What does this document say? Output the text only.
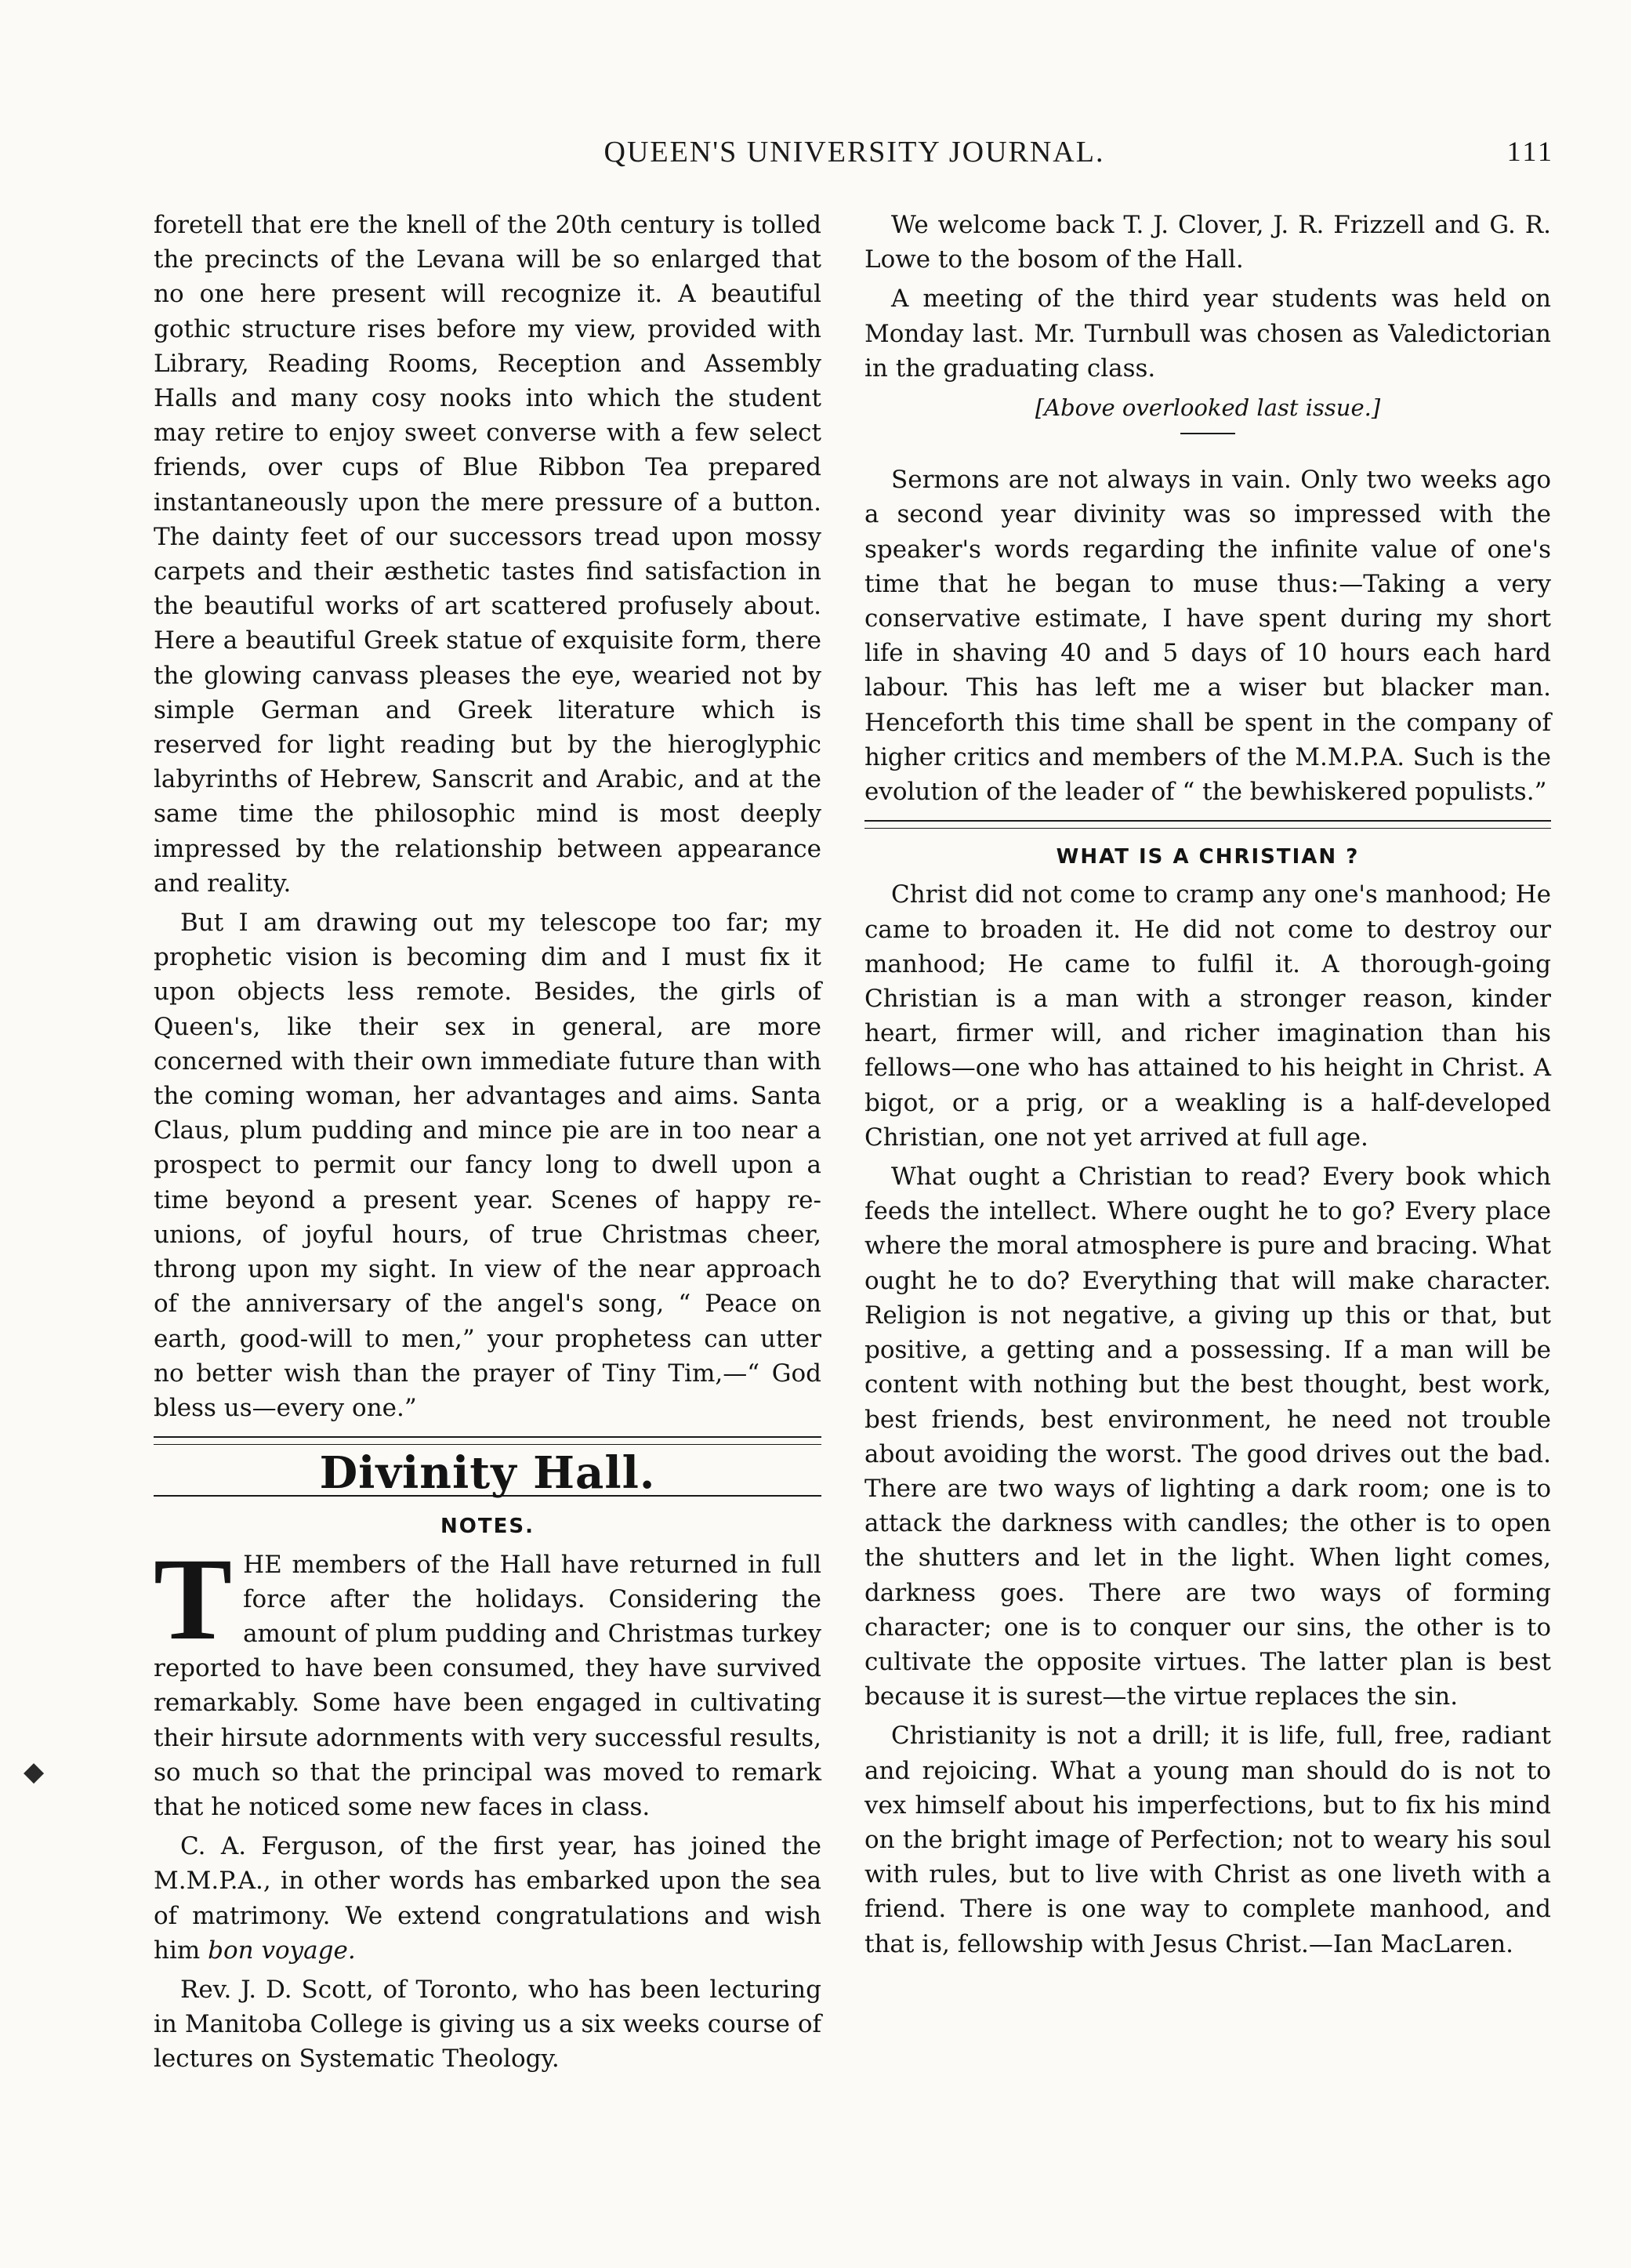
QUEEN'S UNIVERSITY JOURNAL.	111

foretell that ere the knell of the 20th century is tolled the precincts of the Levana will be so enlarged that no one here present will recognize it. A beautiful gothic structure rises before my view, provided with Library, Reading Rooms, Reception and Assembly Halls and many cosy nooks into which the student may retire to enjoy sweet converse with a few select friends, over cups of Blue Ribbon Tea prepared instantaneously upon the mere pressure of a button. The dainty feet of our successors tread upon mossy carpets and their æsthetic tastes find satisfaction in the beautiful works of art scattered profusely about. Here a beautiful Greek statue of exquisite form, there the glowing canvass pleases the eye, wearied not by simple German and Greek literature which is reserved for light reading but by the hieroglyphic labyrinths of Hebrew, Sanscrit and Arabic, and at the same time the philosophic mind is most deeply impressed by the relationship between appearance and reality.

But I am drawing out my telescope too far; my prophetic vision is becoming dim and I must fix it upon objects less remote. Besides, the girls of Queen's, like their sex in general, are more concerned with their own immediate future than with the coming woman, her advantages and aims. Santa Claus, plum pudding and mince pie are in too near a prospect to permit our fancy long to dwell upon a time beyond a present year. Scenes of happy re-unions, of joyful hours, of true Christmas cheer, throng upon my sight. In view of the near approach of the anniversary of the angel's song, “ Peace on earth, good-will to men,” your prophetess can utter no better wish than the prayer of Tiny Tim,—“ God bless us—every one.”

Divinity Hall.
NOTES.

THE members of the Hall have returned in full force after the holidays. Considering the amount of plum pudding and Christmas turkey reported to have been consumed, they have survived remarkably. Some have been engaged in cultivating their hirsute adornments with very successful results, so much so that the principal was moved to remark that he noticed some new faces in class.

C. A. Ferguson, of the first year, has joined the M.M.P.A., in other words has embarked upon the sea of matrimony. We extend congratulations and wish him bon voyage.

Rev. J. D. Scott, of Toronto, who has been lecturing in Manitoba College is giving us a six weeks course of lectures on Systematic Theology.

We welcome back T. J. Clover, J. R. Frizzell and G. R. Lowe to the bosom of the Hall.

A meeting of the third year students was held on Monday last. Mr. Turnbull was chosen as Valedictorian in the graduating class.

[Above overlooked last issue.]

Sermons are not always in vain. Only two weeks ago a second year divinity was so impressed with the speaker's words regarding the infinite value of one's time that he began to muse thus:—Taking a very conservative estimate, I have spent during my short life in shaving 40 and 5 days of 10 hours each hard labour. This has left me a wiser but blacker man. Henceforth this time shall be spent in the company of higher critics and members of the M.M.P.A. Such is the evolution of the leader of “ the bewhiskered populists.”

WHAT IS A CHRISTIAN ?

Christ did not come to cramp any one's manhood; He came to broaden it. He did not come to destroy our manhood; He came to fulfil it. A thorough-going Christian is a man with a stronger reason, kinder heart, firmer will, and richer imagination than his fellows—one who has attained to his height in Christ. A bigot, or a prig, or a weakling is a half-developed Christian, one not yet arrived at full age.

What ought a Christian to read? Every book which feeds the intellect. Where ought he to go? Every place where the moral atmosphere is pure and bracing. What ought he to do? Everything that will make character. Religion is not negative, a giving up this or that, but positive, a getting and a possessing. If a man will be content with nothing but the best thought, best work, best friends, best environment, he need not trouble about avoiding the worst. The good drives out the bad. There are two ways of lighting a dark room; one is to attack the darkness with candles; the other is to open the shutters and let in the light. When light comes, darkness goes. There are two ways of forming character; one is to conquer our sins, the other is to cultivate the opposite virtues. The latter plan is best because it is surest—the virtue replaces the sin.

Christianity is not a drill; it is life, full, free, radiant and rejoicing. What a young man should do is not to vex himself about his imperfections, but to fix his mind on the bright image of Perfection; not to weary his soul with rules, but to live with Christ as one liveth with a friend. There is one way to complete manhood, and that is, fellowship with Jesus Christ.—Ian MacLaren.

◆
